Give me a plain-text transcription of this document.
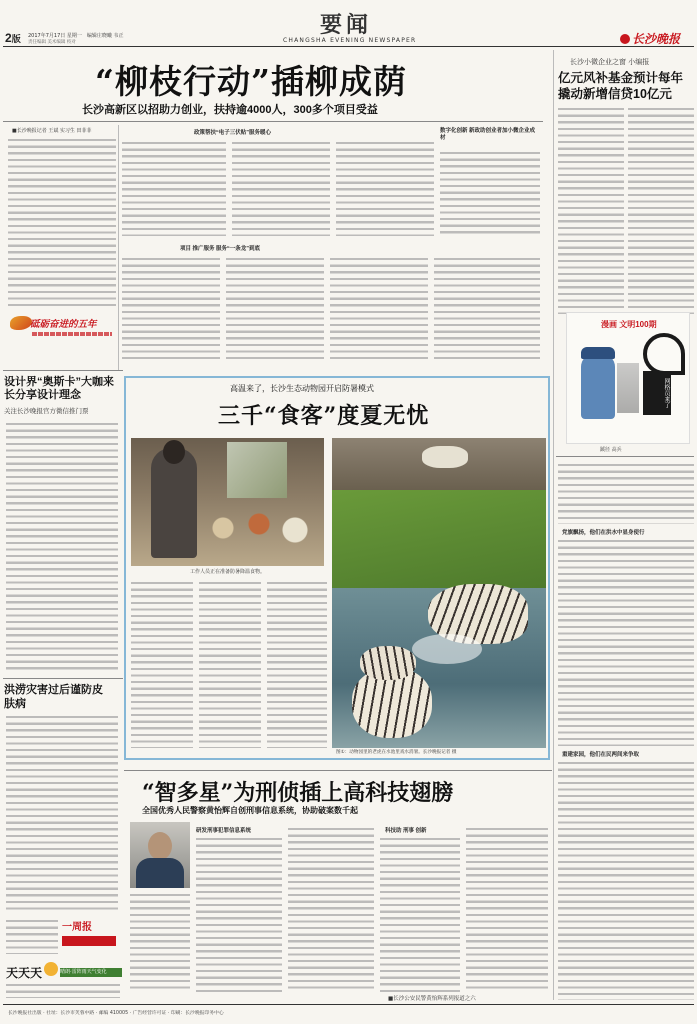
2版 2017年7月17日 星期一　编辑庄晓曦 韦正
责任编辑 美术编辑 校对
要闻
CHANGSHA EVENING NEWSPAPER	长沙晚报
“柳枝行动”插柳成荫
长沙高新区以招助力创业，扶持逾4000人，300多个项目受益
■长沙晚报记者 王斌 实习生 田菲菲	政策帮扶“电子三伏贴”服务暖心	数字化创新 新政助创业者加小微企业成材
项目 推广服务 服务“一条龙”到底
砥砺奋进的五年
设计界“奥斯卡”大咖来长分享设计理念
关注长沙晚报官方微信推门票
洪涝灾害过后谨防皮肤病
一周报
天天天	晴朗·雷阵雨天气变化
高温来了，长沙生态动物园开启防暑模式
三千“食客”度夏无忧
工作人员正在准备防暑降温食物。
图①：动物园里的老虎在水池里戏水消暑。长沙晚报记者 摄
长沙小微企业之窗 小编报
亿元风补基金预计每年撬动新增信贷10亿元
漫画 文明100期
网格员来了
蹊径 高兵
党旗飘扬，他们在洪水中显身使行
重建家园，他们在民两间来争取
“智多星”为刑侦插上高科技翅膀
全国优秀人民警察黄怡辉自创刑事信息系统，协助破案数千起
研发刑事犯罪信息系统	科技助 刑事 创新
■长沙公安民警黄怡辉系列报道之六
长沙晚报社出版 · 社址：长沙市芙蓉中路 · 邮编 410005 · 广告经营许可证 · 印刷：长沙晚报印务中心
